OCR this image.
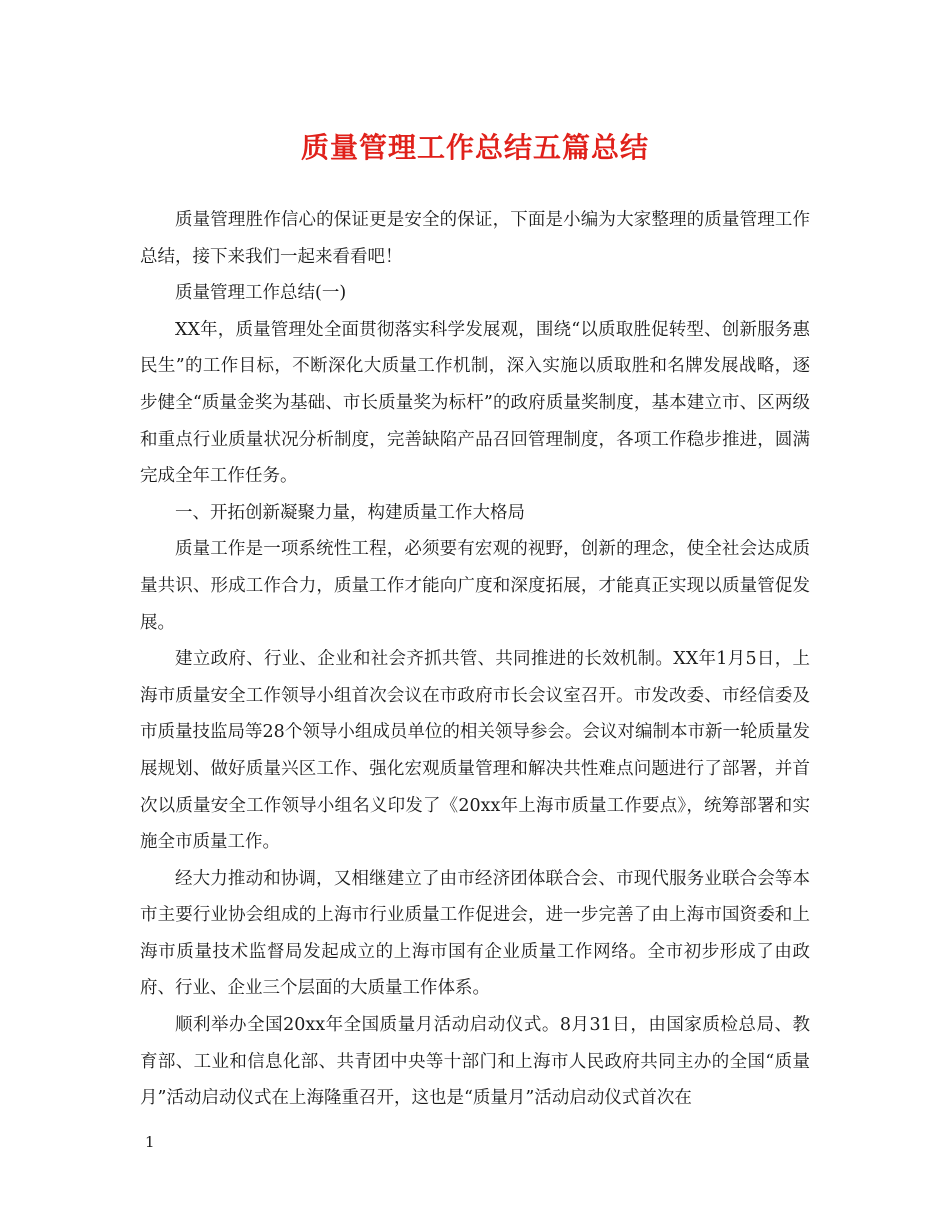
质量管理工作总结五篇总结

质量管理胜作信心的保证更是安全的保证，下面是小编为大家整理的质量管理工作总结，接下来我们一起来看看吧！

质量管理工作总结(一)

XX年，质量管理处全面贯彻落实科学发展观，围绕“以质取胜促转型、创新服务惠民生”的工作目标，不断深化大质量工作机制，深入实施以质取胜和名牌发展战略，逐步健全“质量金奖为基础、市长质量奖为标杆”的政府质量奖制度，基本建立市、区两级和重点行业质量状况分析制度，完善缺陷产品召回管理制度，各项工作稳步推进，圆满完成全年工作任务。

一、开拓创新凝聚力量，构建质量工作大格局

质量工作是一项系统性工程，必须要有宏观的视野，创新的理念，使全社会达成质量共识、形成工作合力，质量工作才能向广度和深度拓展，才能真正实现以质量管促发展。

建立政府、行业、企业和社会齐抓共管、共同推进的长效机制。XX年1月5日，上海市质量安全工作领导小组首次会议在市政府市长会议室召开。市发改委、市经信委及市质量技监局等28个领导小组成员单位的相关领导参会。会议对编制本市新一轮质量发展规划、做好质量兴区工作、强化宏观质量管理和解决共性难点问题进行了部署，并首次以质量安全工作领导小组名义印发了《20xx年上海市质量工作要点》，统筹部署和实施全市质量工作。

经大力推动和协调，又相继建立了由市经济团体联合会、市现代服务业联合会等本市主要行业协会组成的上海市行业质量工作促进会，进一步完善了由上海市国资委和上海市质量技术监督局发起成立的上海市国有企业质量工作网络。全市初步形成了由政府、行业、企业三个层面的大质量工作体系。

顺利举办全国20xx年全国质量月活动启动仪式。8月31日，由国家质检总局、教育部、工业和信息化部、共青团中央等十部门和上海市人民政府共同主办的全国“质量月”活动启动仪式在上海隆重召开，这也是“质量月”活动启动仪式首次在

1
